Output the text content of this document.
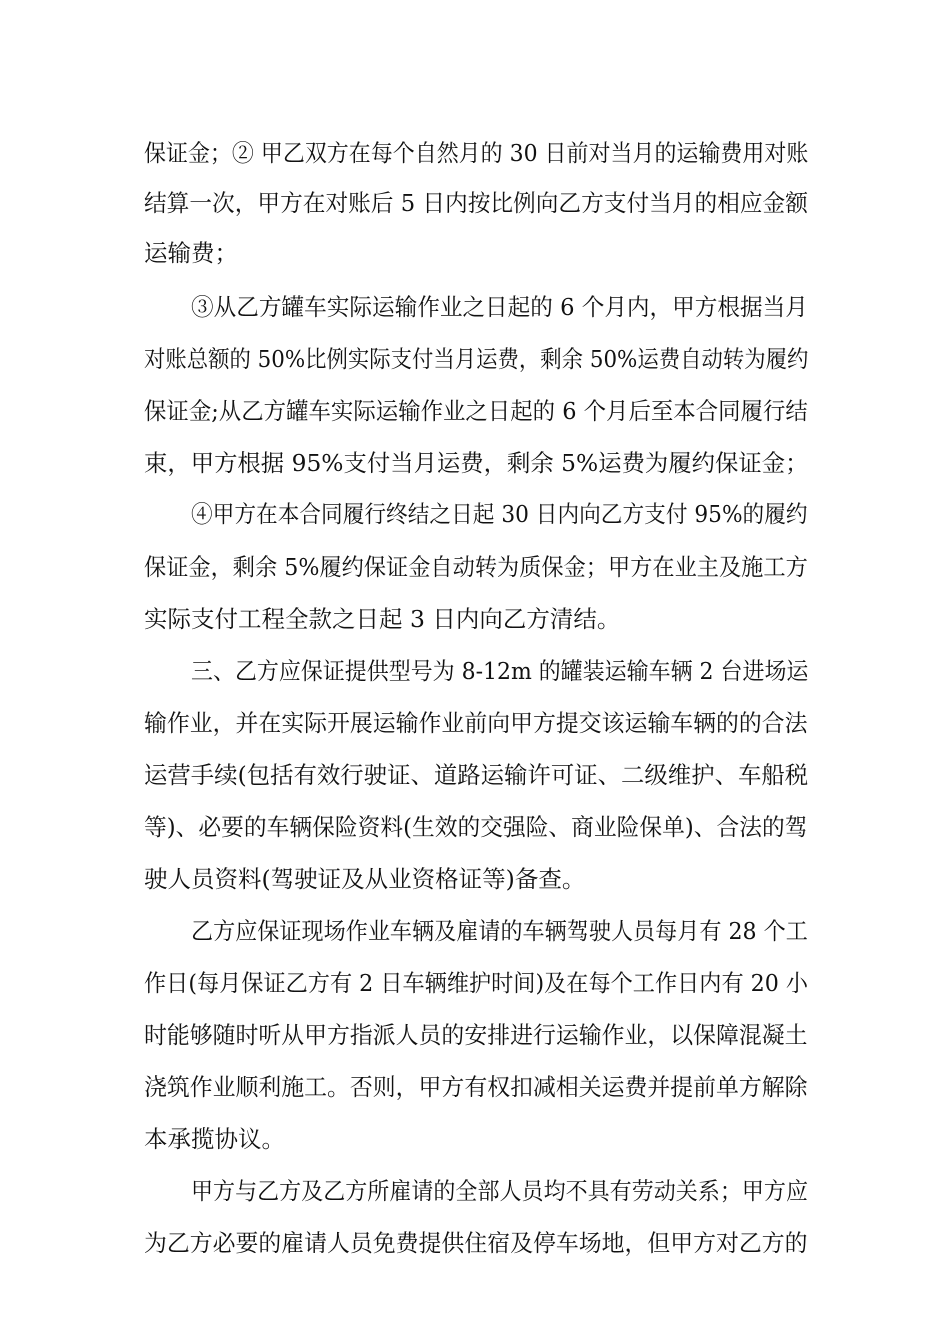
保证金；② 甲乙双方在每个自然月的 30 日前对当月的运输费用对账
结算一次，甲方在对账后 5 日内按比例向乙方支付当月的相应金额
运输费；
③从乙方罐车实际运输作业之日起的 6 个月内，甲方根据当月
对账总额的 50%比例实际支付当月运费，剩余 50%运费自动转为履约
保证金;从乙方罐车实际运输作业之日起的 6 个月后至本合同履行结
束，甲方根据 95%支付当月运费，剩余 5%运费为履约保证金；
④甲方在本合同履行终结之日起 30 日内向乙方支付 95%的履约
保证金，剩余 5%履约保证金自动转为质保金；甲方在业主及施工方
实际支付工程全款之日起 3 日内向乙方清结。
三、乙方应保证提供型号为 8-12m 的罐装运输车辆 2 台进场运
输作业，并在实际开展运输作业前向甲方提交该运输车辆的的合法
运营手续(包括有效行驶证、道路运输许可证、二级维护、车船税
等)、必要的车辆保险资料(生效的交强险、商业险保单)、合法的驾
驶人员资料(驾驶证及从业资格证等)备查。
乙方应保证现场作业车辆及雇请的车辆驾驶人员每月有 28 个工
作日(每月保证乙方有 2 日车辆维护时间)及在每个工作日内有 20 小
时能够随时听从甲方指派人员的安排进行运输作业，以保障混凝土
浇筑作业顺利施工。否则，甲方有权扣减相关运费并提前单方解除
本承揽协议。
甲方与乙方及乙方所雇请的全部人员均不具有劳动关系；甲方应
为乙方必要的雇请人员免费提供住宿及停车场地，但甲方对乙方的
